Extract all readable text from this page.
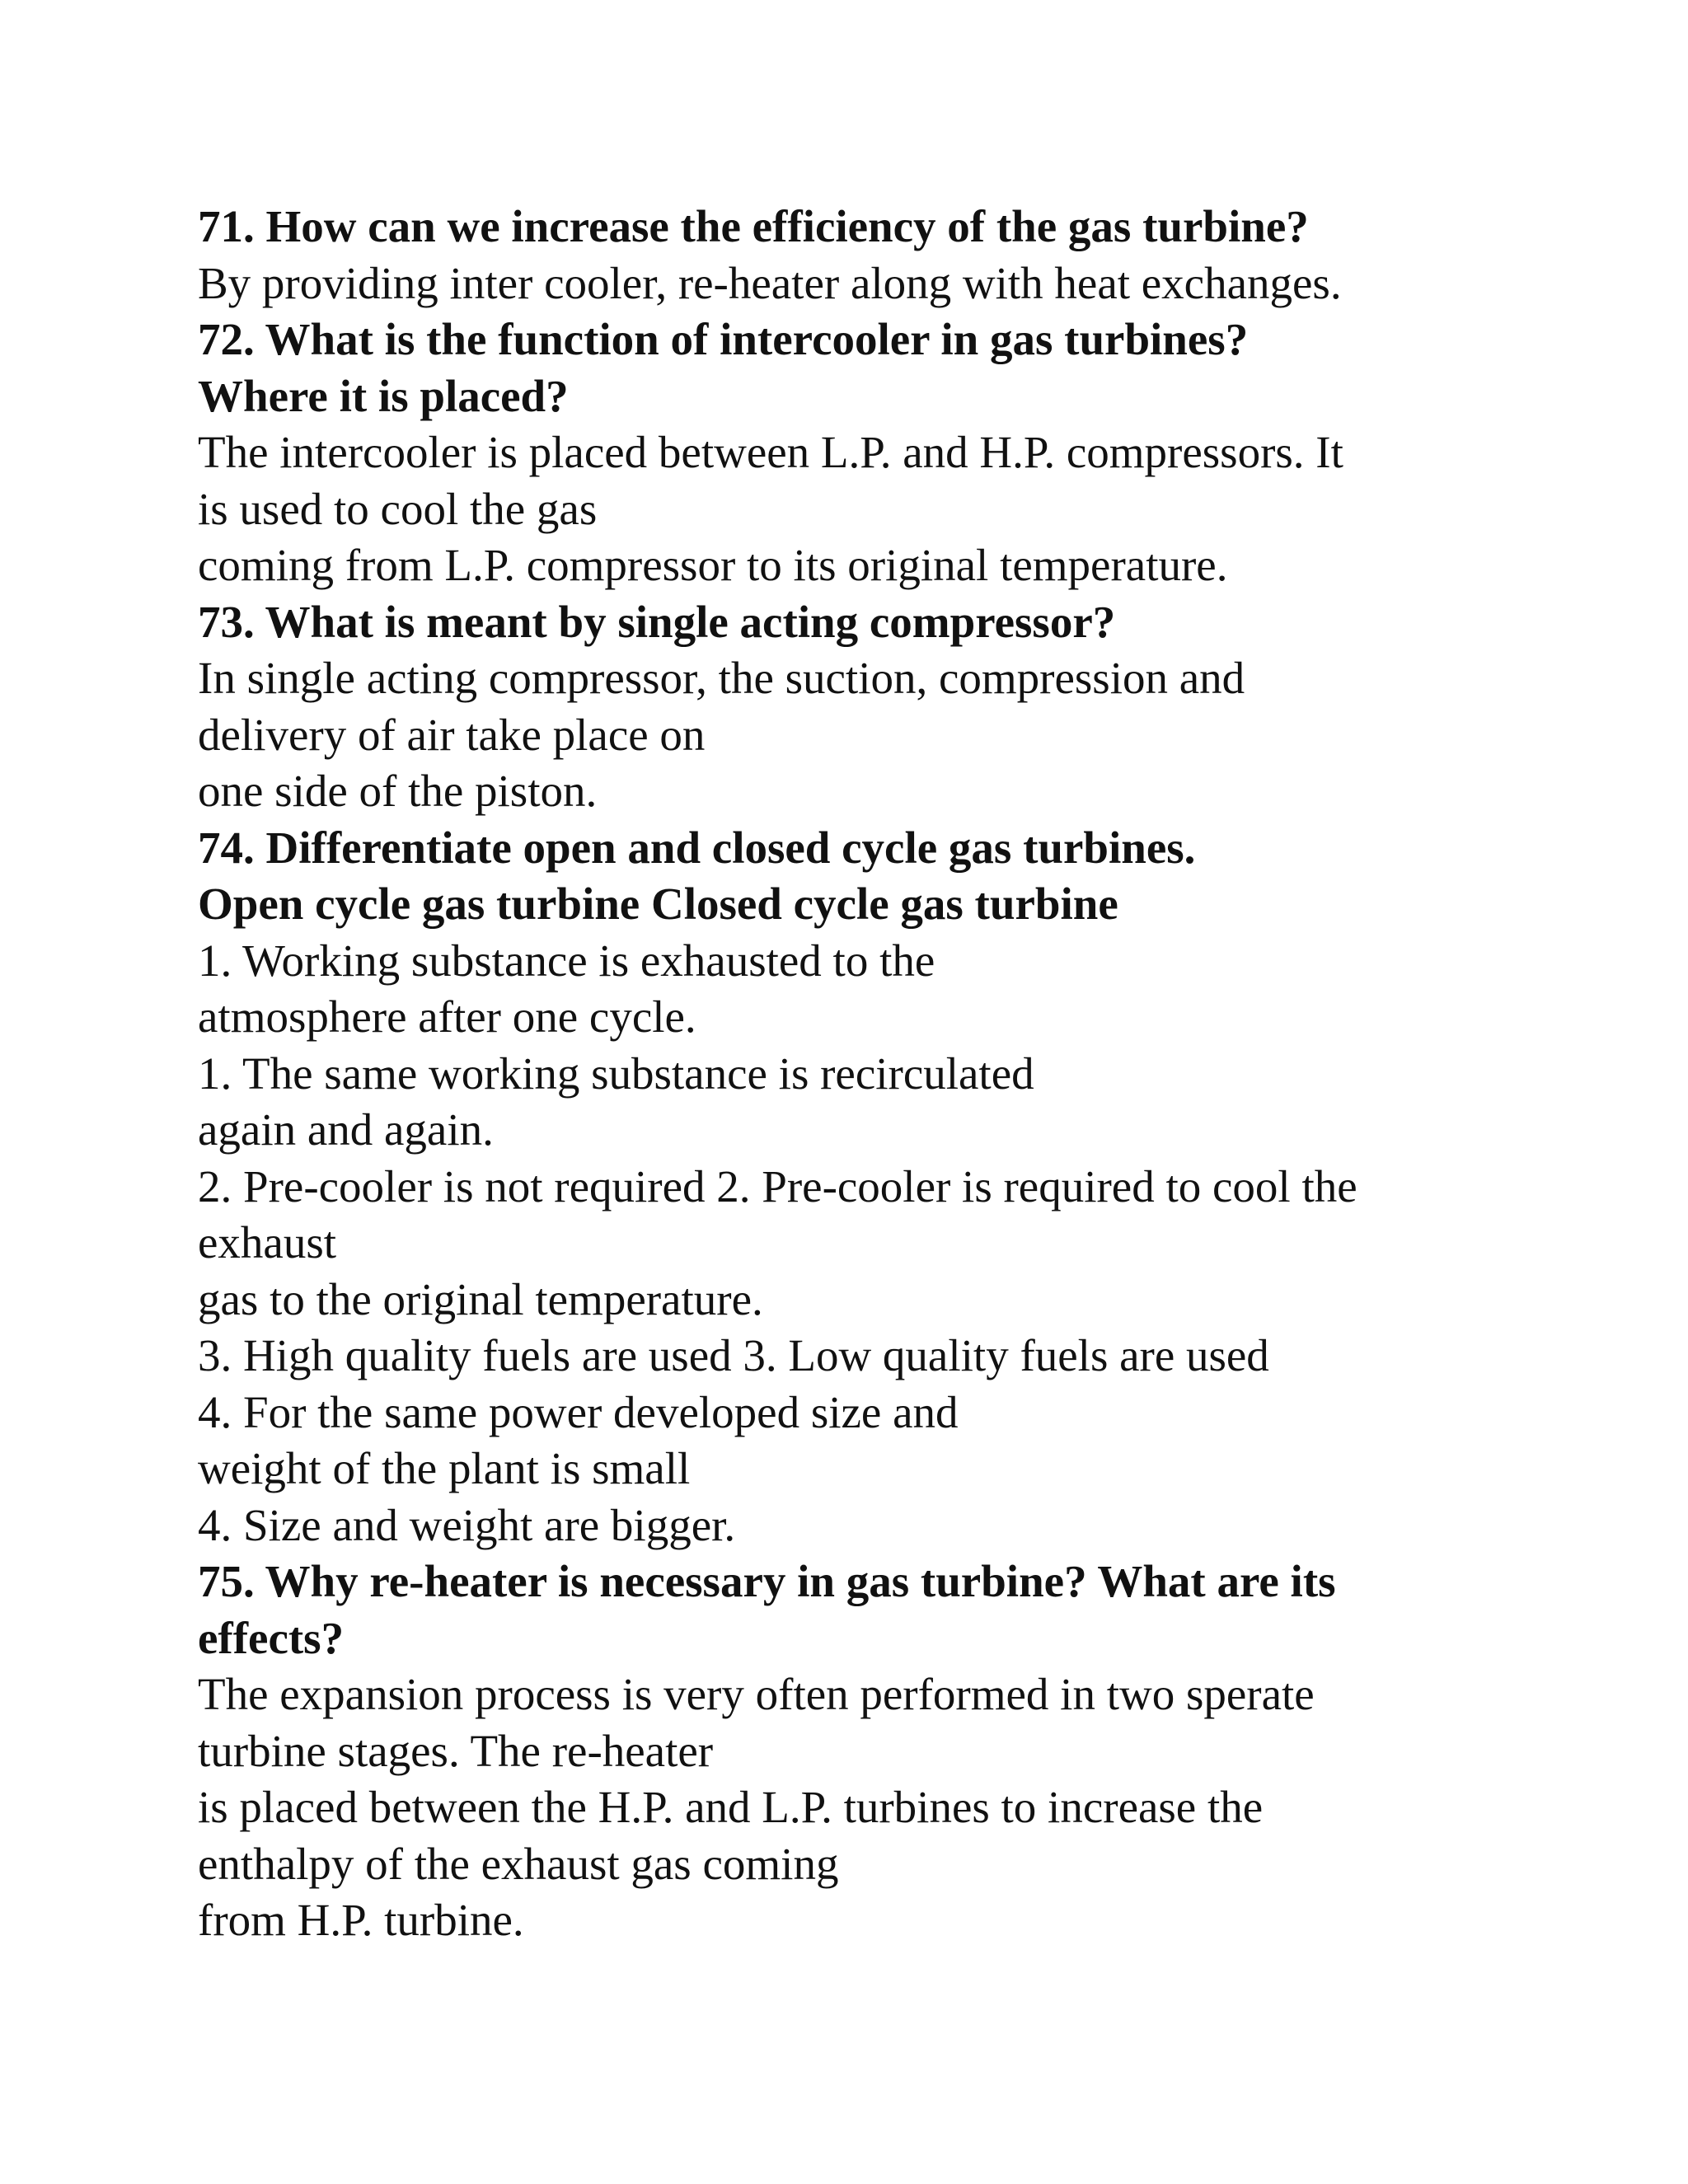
71. How can we increase the efficiency of the gas turbine?
By providing inter cooler, re-heater along with heat exchanges.
72. What is the function of intercooler in gas turbines?
Where it is placed?
The intercooler is placed between L.P. and H.P. compressors. It
is used to cool the gas
coming from L.P. compressor to its original temperature.
73. What is meant by single acting compressor?
In single acting compressor, the suction, compression and
delivery of air take place on
one side of the piston.
74. Differentiate open and closed cycle gas turbines.
Open cycle gas turbine Closed cycle gas turbine
1. Working substance is exhausted to the
atmosphere after one cycle.
1. The same working substance is recirculated
again and again.
2. Pre-cooler is not required 2. Pre-cooler is required to cool the
exhaust
gas to the original temperature.
3. High quality fuels are used 3. Low quality fuels are used
4. For the same power developed size and
weight of the plant is small
4. Size and weight are bigger.
75. Why re-heater is necessary in gas turbine? What are its
effects?
The expansion process is very often performed in two sperate
turbine stages. The re-heater
is placed between the H.P. and L.P. turbines to increase the
enthalpy of the exhaust gas coming
from H.P. turbine.
